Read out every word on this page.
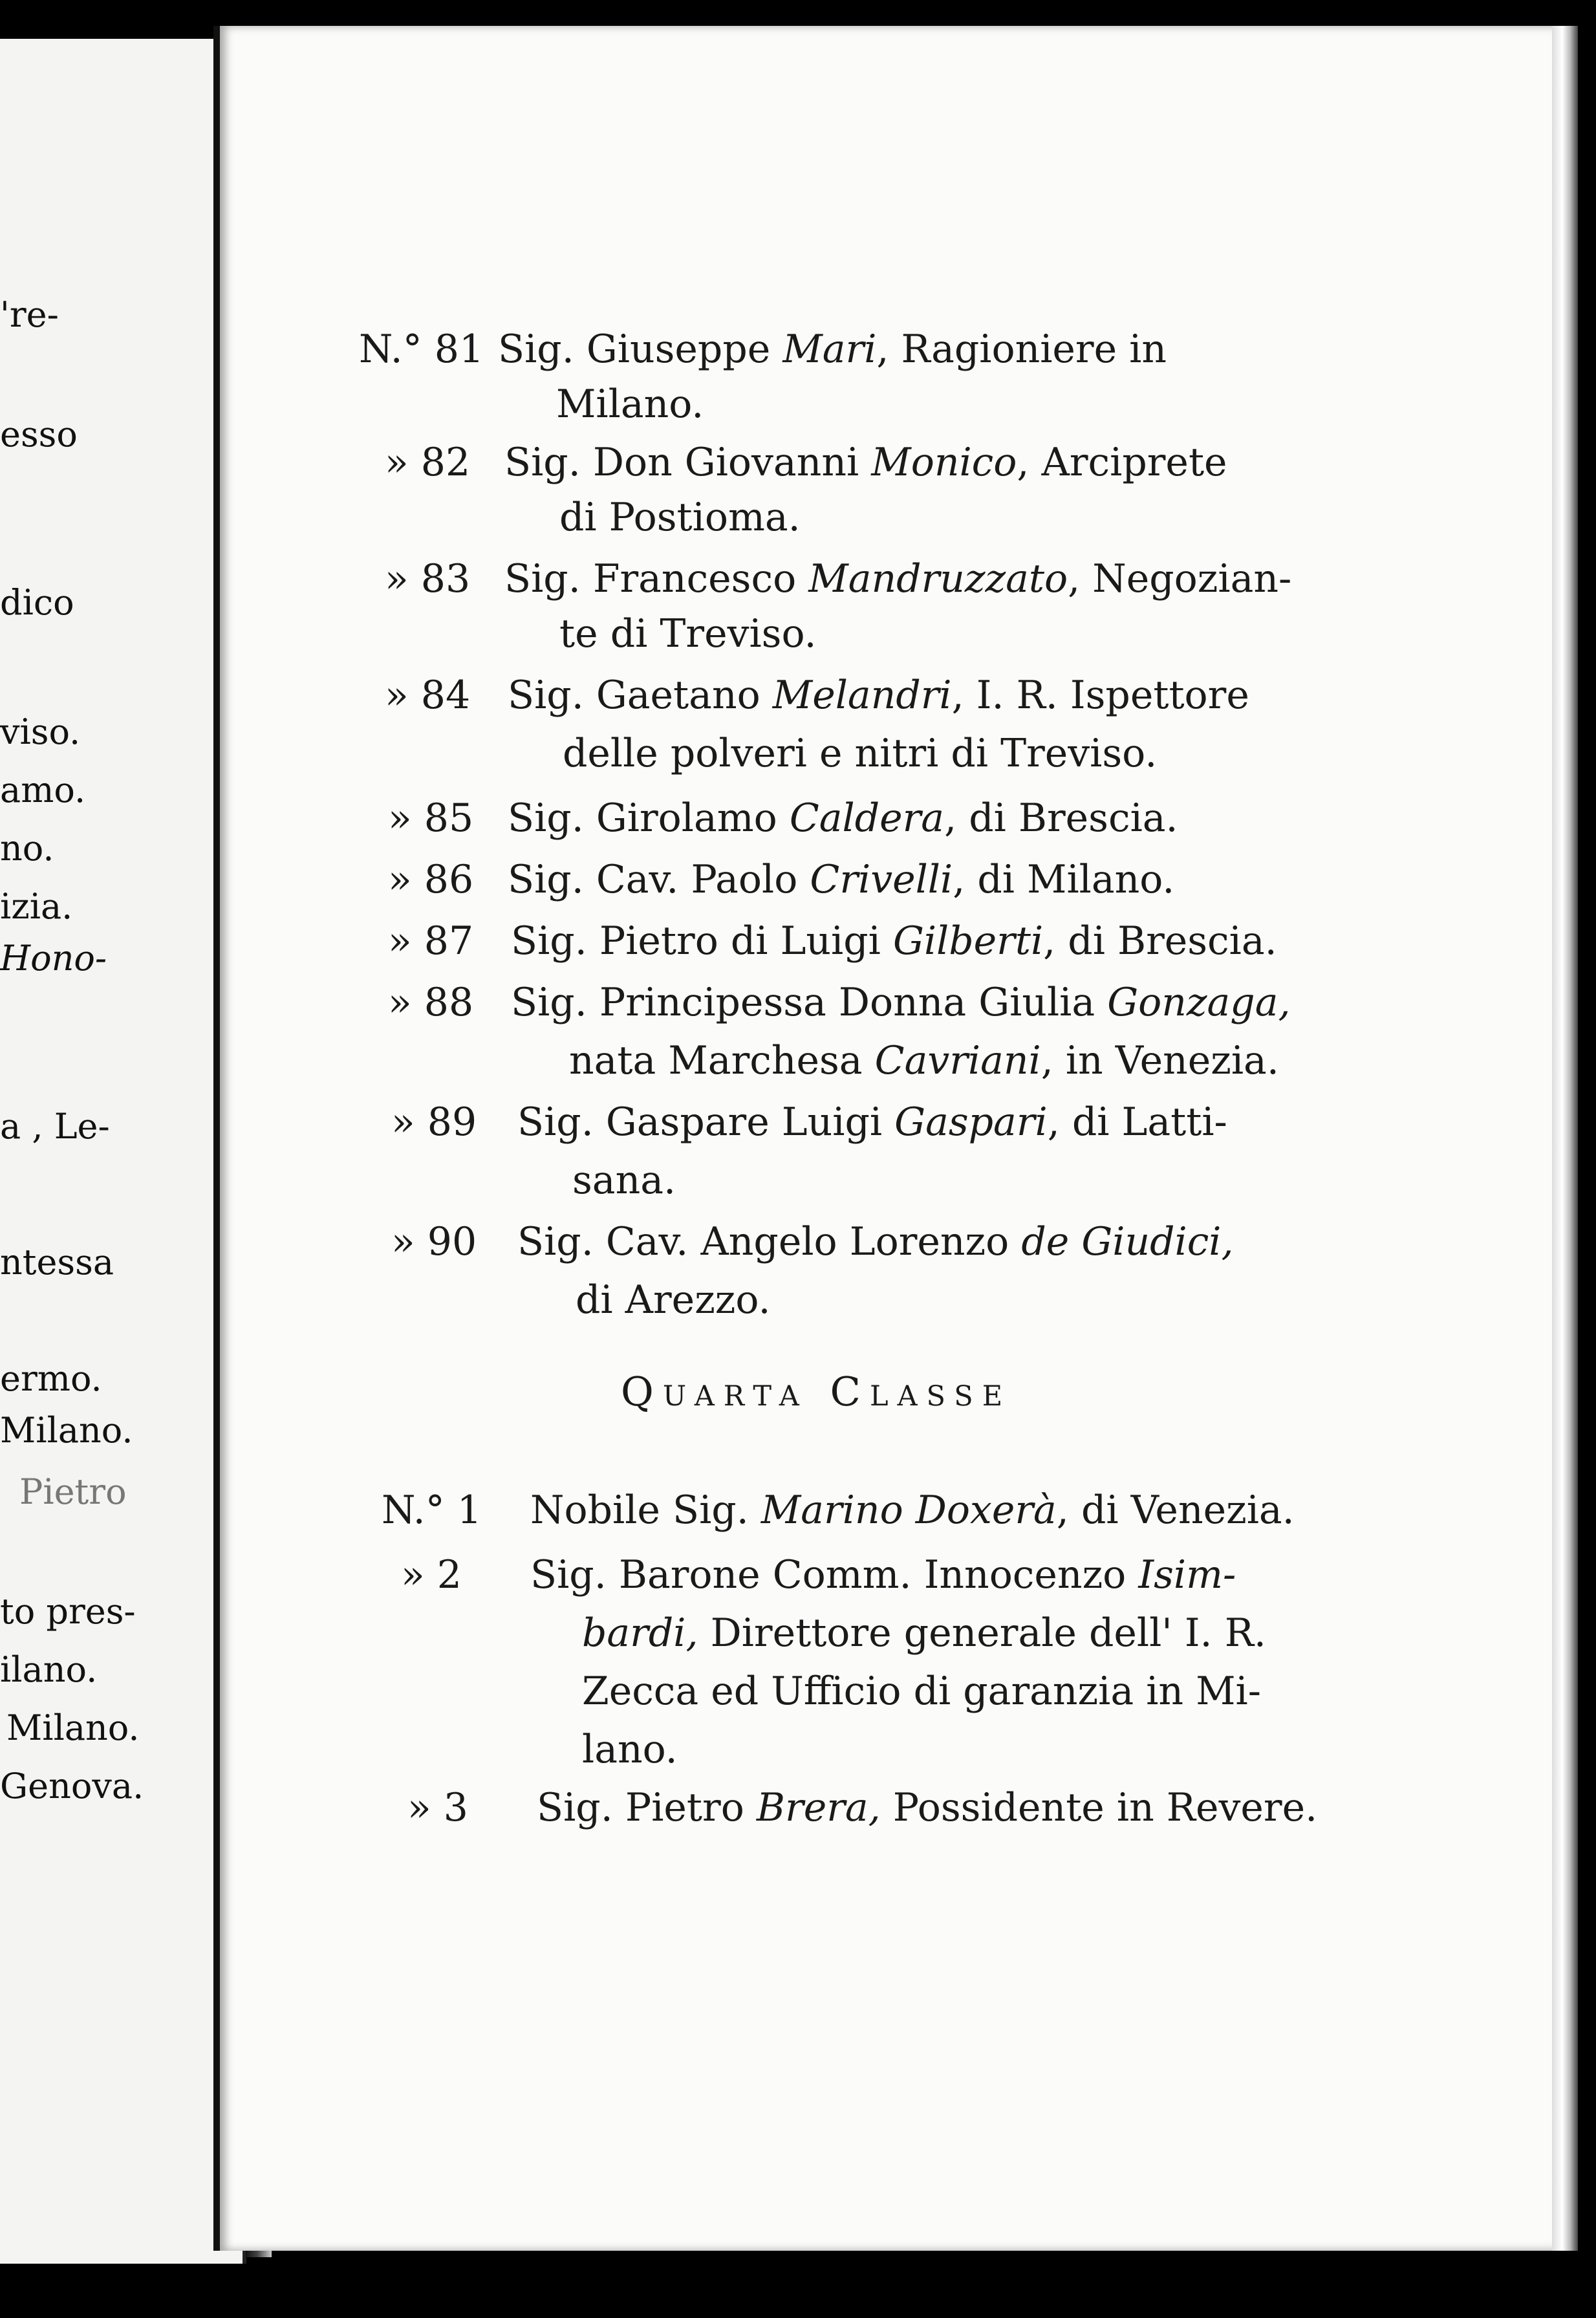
're-
esso
dico
viso.
amo.
no.
izia.
Hono-
a , Le-
ntessa
ermo.
Milano.
Pietro
to pres-
ilano.
Milano.
Genova.
N.° 81 Sig. Giuseppe Mari, Ragioniere in
Milano.
» 82 Sig. Don Giovanni Monico, Arciprete
di Postioma.
» 83 Sig. Francesco Mandruzzato, Negozian-
te di Treviso.
» 84 Sig. Gaetano Melandri, I. R. Ispettore
delle polveri e nitri di Treviso.
» 85 Sig. Girolamo Caldera, di Brescia.
» 86 Sig. Cav. Paolo Crivelli, di Milano.
» 87 Sig. Pietro di Luigi Gilberti, di Brescia.
» 88 Sig. Principessa Donna Giulia Gonzaga,
nata Marchesa Cavriani, in Venezia.
» 89 Sig. Gaspare Luigi Gaspari, di Latti-
sana.
» 90 Sig. Cav. Angelo Lorenzo de Giudici,
di Arezzo.
Quarta Classe
N.° 1 Nobile Sig. Marino Doxerà, di Venezia.
» 2 Sig. Barone Comm. Innocenzo Isim-
bardi, Direttore generale dell' I. R.
Zecca ed Ufficio di garanzia in Mi-
lano.
» 3 Sig. Pietro Brera, Possidente in Revere.
